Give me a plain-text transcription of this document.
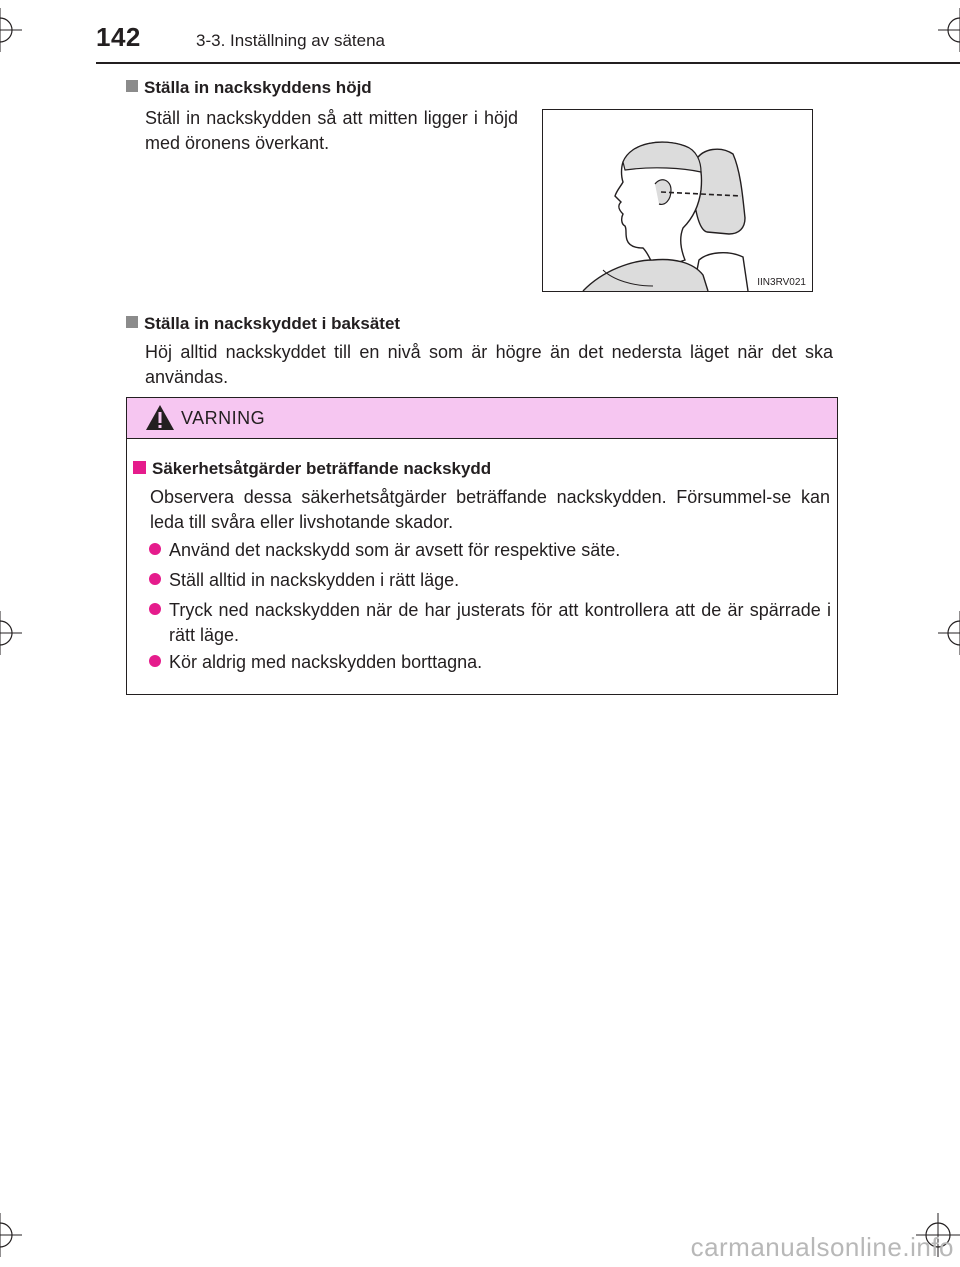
142	3-3. Inställning av sätena
Ställa in nackskyddens höjd
Ställ in nackskydden så att mitten ligger i höjd med öronens överkant.
IIN3RV021
Ställa in nackskyddet i baksätet
Höj alltid nackskyddet till en nivå som är högre än det nedersta läget när det ska användas.
VARNING
Säkerhetsåtgärder beträffande nackskydd
Observera dessa säkerhetsåtgärder beträffande nackskydden. Försummel-se kan leda till svåra eller livshotande skador.
Använd det nackskydd som är avsett för respektive säte.
Ställ alltid in nackskydden i rätt läge.
Tryck ned nackskydden när de har justerats för att kontrollera att de är spärrade i rätt läge.
Kör aldrig med nackskydden borttagna.
carmanualsonline.info
